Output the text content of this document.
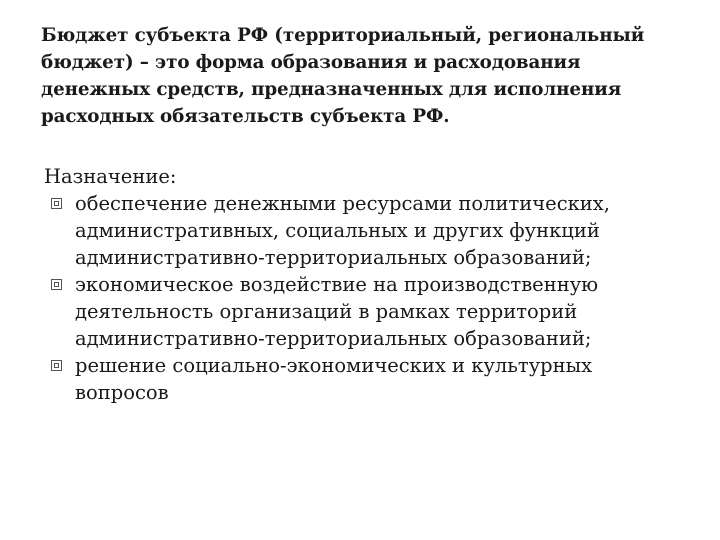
Бюджет субъекта РФ (территориальный, региональный
бюджет) – это форма образования и расходования
денежных средств, предназначенных для исполнения
расходных обязательств субъекта РФ.
Назначение:
обеспечение денежными ресурсами политических,
административных, социальных и других функций
административно-территориальных образований;
экономическое воздействие на производственную
деятельность организаций в рамках территорий
административно-территориальных образований;
решение социально-экономических и культурных
вопросов
